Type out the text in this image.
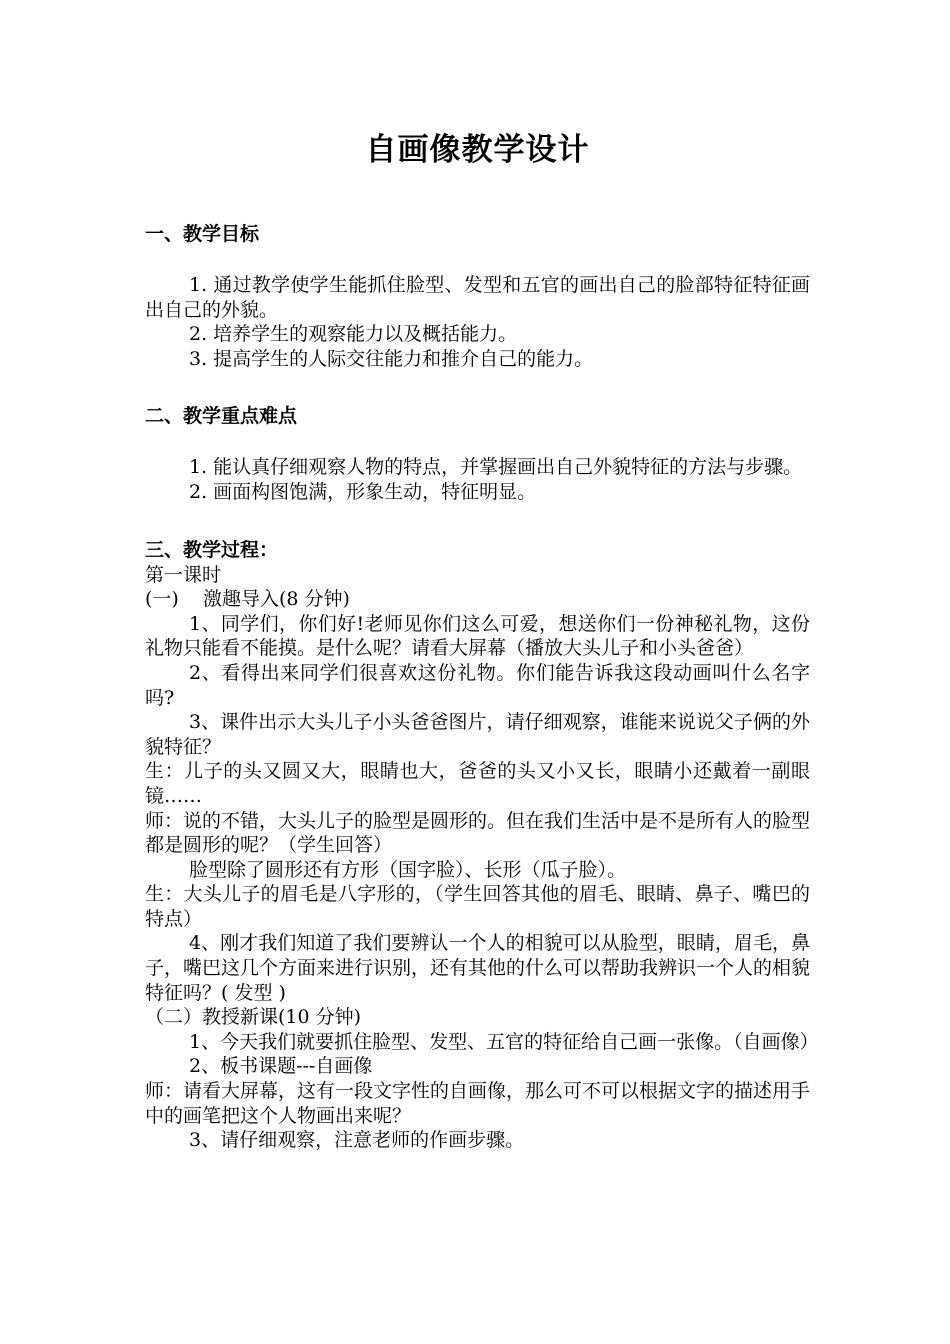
自画像教学设计
一、教学目标

1. 通过教学使学生能抓住脸型、发型和五官的画出自己的脸部特征特征画出自己的外貌。

2. 培养学生的观察能力以及概括能力。

3. 提高学生的人际交往能力和推介自己的能力。

二、教学重点难点

1. 能认真仔细观察人物的特点，并掌握画出自己外貌特征的方法与步骤。

2. 画面构图饱满，形象生动，特征明显。

三、教学过程：

第一课时

(一)    激趣导入(8 分钟)

1、同学们，你们好!老师见你们这么可爱，想送你们一份神秘礼物，这份礼物只能看不能摸。是什么呢？请看大屏幕（播放大头儿子和小头爸爸）

2、看得出来同学们很喜欢这份礼物。你们能告诉我这段动画叫什么名字吗?

3、课件出示大头儿子小头爸爸图片，请仔细观察，谁能来说说父子俩的外貌特征？

生：儿子的头又圆又大，眼睛也大，爸爸的头又小又长，眼睛小还戴着一副眼镜……

师：说的不错，大头儿子的脸型是圆形的。但在我们生活中是不是所有人的脸型都是圆形的呢？（学生回答）

脸型除了圆形还有方形（国字脸）、长形（瓜子脸）。

生：大头儿子的眉毛是八字形的，（学生回答其他的眉毛、眼睛、鼻子、嘴巴的特点）

4、刚才我们知道了我们要辨认一个人的相貌可以从脸型，眼睛，眉毛，鼻子，嘴巴这几个方面来进行识别，还有其他的什么可以帮助我辨识一个人的相貌特征吗？( 发型 )

（二）教授新课(10 分钟)

1、今天我们就要抓住脸型、发型、五官的特征给自己画一张像。（自画像）

2、板书课题---自画像

师：请看大屏幕，这有一段文字性的自画像，那么可不可以根据文字的描述用手中的画笔把这个人物画出来呢？

3、请仔细观察，注意老师的作画步骤。
